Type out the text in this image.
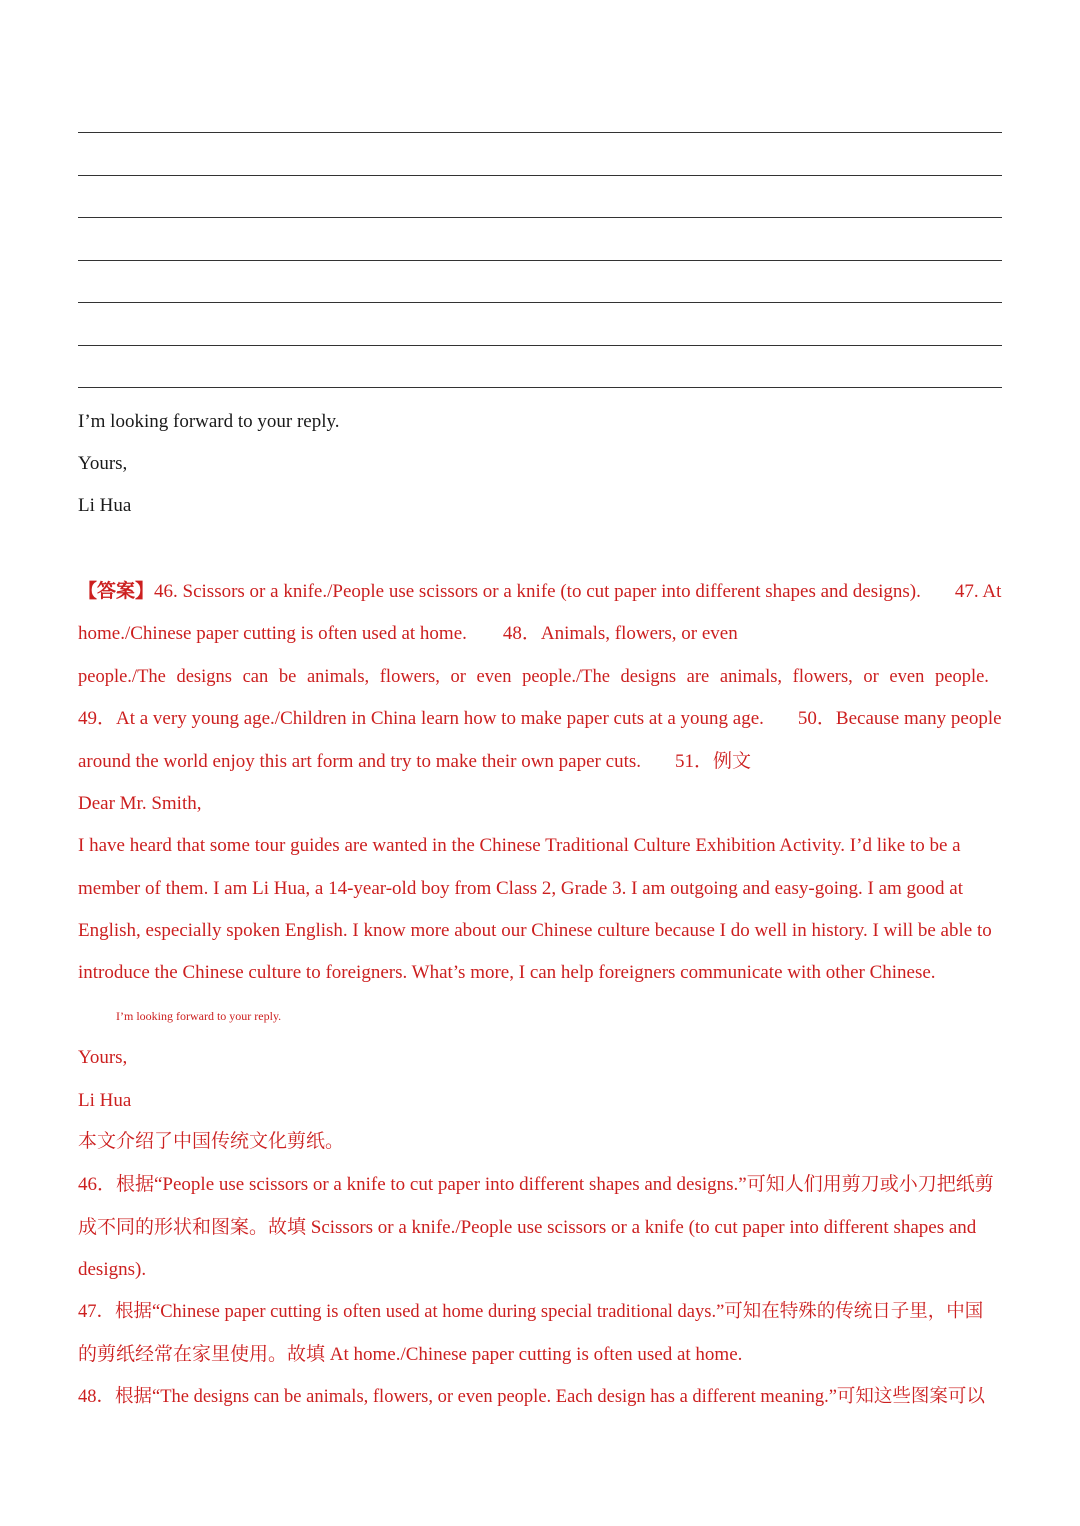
I’m looking forward to your reply.
Yours,
Li Hua
【答案】46. Scissors or a knife./People use scissors or a knife (to cut paper into different shapes and designs). 47. At
home./Chinese paper cutting is often used at home. 48．Animals, flowers, or even
people./The designs can be animals, flowers, or even people./The designs are animals, flowers, or even people.
49．At a very young age./Children in China learn how to make paper cuts at a young age. 50．Because many people
around the world enjoy this art form and try to make their own paper cuts. 51．例文
Dear Mr. Smith,
I have heard that some tour guides are wanted in the Chinese Traditional Culture Exhibition Activity. I’d like to be a
member of them. I am Li Hua, a 14-year-old boy from Class 2, Grade 3. I am outgoing and easy-going. I am good at
English, especially spoken English. I know more about our Chinese culture because I do well in history. I will be able to
introduce the Chinese culture to foreigners. What’s more, I can help foreigners communicate with other Chinese.
I’m looking forward to your reply.
Yours,
Li Hua
本文介绍了中国传统文化剪纸。
46．根据“People use scissors or a knife to cut paper into different shapes and designs.”可知人们用剪刀或小刀把纸剪
成不同的形状和图案。故填 Scissors or a knife./People use scissors or a knife (to cut paper into different shapes and
designs).
47．根据“Chinese paper cutting is often used at home during special traditional days.”可知在特殊的传统日子里，中国
的剪纸经常在家里使用。故填 At home./Chinese paper cutting is often used at home.
48．根据“The designs can be animals, flowers, or even people. Each design has a different meaning.”可知这些图案可以
